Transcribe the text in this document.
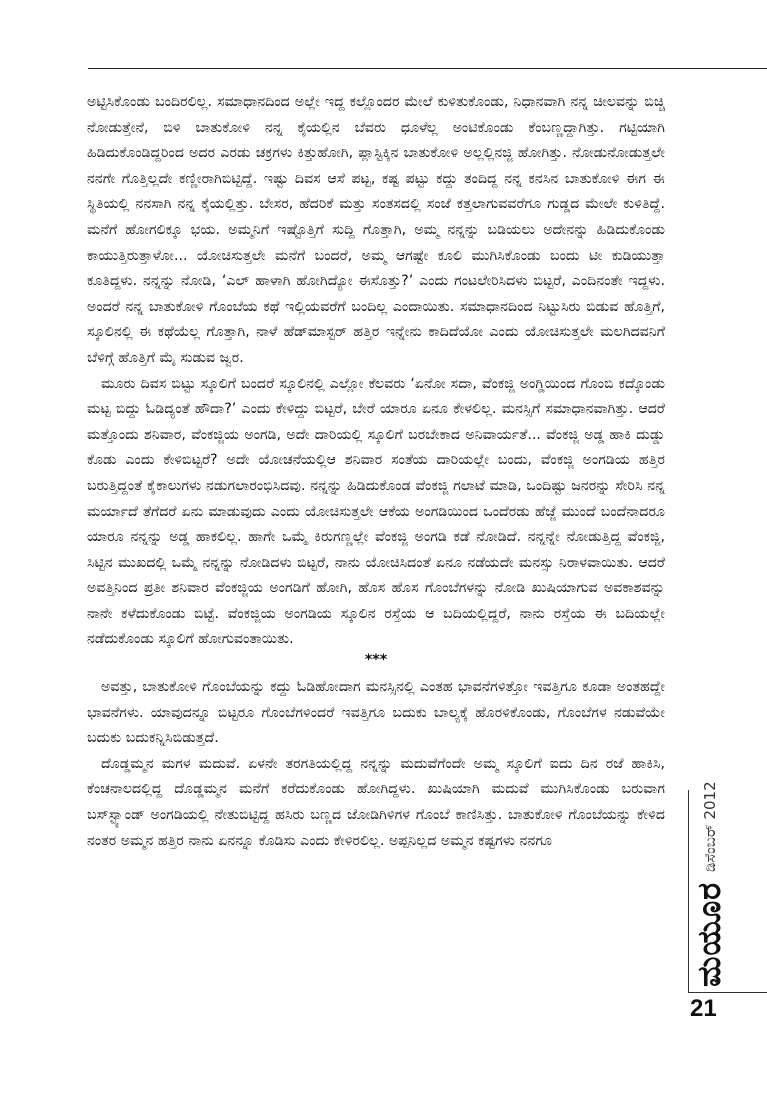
ಅಟ್ಟಿಸಿಕೊಂಡು ಬಂದಿರಲಿಲ್ಲ. ಸಮಾಧಾನದಿಂದ ಅಲ್ಲೇ ಇದ್ದ ಕಲ್ಲೊಂದರ ಮೇಲೆ ಕುಳಿತುಕೊಂಡು, ನಿಧಾನವಾಗಿ ನನ್ನ ಚೀಲವನ್ನು ಬಿಚ್ಚಿ ನೋಡುತ್ತೇನೆ, ಬಿಳಿ ಬಾತುಕೋಳಿ ನನ್ನ ಕೈಯಲ್ಲಿನ ಬೆವರು ಧೂಳೆಲ್ಲ ಅಂಟಿಕೊಂಡು ಕೆಂಬಣ್ಣದ್ದಾಗಿತ್ತು. ಗಟ್ಟಿಯಾಗಿ ಹಿಡಿದುಕೊಂಡಿದ್ದರಿಂದ ಅದರ ಎರಡು ಚಕ್ರಗಳು ಕಿತ್ತುಹೋಗಿ, ಪ್ಲಾಸ್ಟಿಕ್ಕಿನ ಬಾತುಕೋಳಿ ಅಲ್ಲಲ್ಲಿನಜ್ಜಿ ಹೋಗಿತ್ತು. ನೋಡುನೋಡುತ್ತಲೇ ನನಗೇ ಗೊತ್ತಿಲ್ಲದೇ ಕಣ್ಣೀರಾಗಿಬಿಟ್ಟಿದ್ದೆ. ಇಷ್ಟು ದಿವಸ ಆಸೆ ಪಟ್ಟ, ಕಷ್ಟ ಪಟ್ಟು ಕದ್ದು ತಂದಿದ್ದ ನನ್ನ ಕನಸಿನ ಬಾತುಕೋಳಿ ಈಗ ಈ ಸ್ಥಿತಿಯಲ್ಲಿ ನನಸಾಗಿ ನನ್ನ ಕೈಯಲ್ಲಿತ್ತು. ಬೇಸರ, ಹೆದರಿಕೆ ಮತ್ತು ಸಂತಸದಲ್ಲಿ ಸಂಜೆ ಕತ್ತಲಾಗುವವರೆಗೂ ಗುಡ್ಡದ ಮೇಲೇ ಕುಳಿತಿದ್ದೆ. ಮನೆಗೆ ಹೋಗಲಿಕ್ಕೂ ಭಯ. ಅಮ್ಮನಿಗೆ ಇಷ್ಟೊತ್ತಿಗೆ ಸುದ್ದಿ ಗೊತ್ತಾಗಿ, ಅಮ್ಮ ನನ್ನನ್ನು ಬಡಿಯಲು ಅದೇನನ್ನು ಹಿಡಿದುಕೊಂಡು ಕಾಯುತ್ತಿರುತ್ತಾಳೋ... ಯೋಚಿಸುತ್ತಲೇ ಮನೆಗೆ ಬಂದರೆ, ಅಮ್ಮ ಆಗಷ್ಟೇ ಕೂಲಿ ಮುಗಿಸಿಕೊಂಡು ಬಂದು ಟೀ ಕುಡಿಯುತ್ತಾ ಕೂತಿದ್ದಳು. ನನ್ನನ್ನು ನೋಡಿ, ‘ಎಲ್ ಹಾಳಾಗಿ ಹೋಗಿದ್ಯೋ ಈಸೊತ್ತು?’ ಎಂದು ಗಂಟಲೇರಿಸಿದಳು ಬಿಟ್ಟರೆ, ಎಂದಿನಂತೇ ಇದ್ದಳು. ಅಂದರೆ ನನ್ನ ಬಾತುಕೋಳಿ ಗೊಂಬೆಯ ಕಥೆ ಇಲ್ಲಿಯವರೆಗೆ ಬಂದಿಲ್ಲ ಎಂದಾಯಿತು. ಸಮಾಧಾನದಿಂದ ನಿಟ್ಟುಸಿರು ಬಿಡುವ ಹೊತ್ತಿಗೆ, ಸ್ಕೂಲಿನಲ್ಲಿ ಈ ಕಥೆಯೆಲ್ಲ ಗೊತ್ತಾಗಿ, ನಾಳೆ ಹೆಡ್‌ಮಾಸ್ಟರ್ ಹತ್ತಿರ ಇನ್ನೇನು ಕಾದಿದೆಯೋ ಎಂದು ಯೋಚಿಸುತ್ತಲೇ ಮಲಗಿದವನಿಗೆ ಬೆಳಿಗ್ಗೆ ಹೊತ್ತಿಗೆ ಮೈ ಸುಡುವ ಜ್ವರ.

ಮೂರು ದಿವಸ ಬಿಟ್ಟು ಸ್ಕೂಲಿಗೆ ಬಂದರೆ ಸ್ಕೂಲಿನಲ್ಲಿ ಎಲ್ಲೋ ಕೆಲವರು ‘ಏನೋ ಸದಾ, ವೆಂಕಜ್ಜಿ ಅಂಗ್ಡಿಯಿಂದ ಗೊಂಬಿ ಕದ್ಕೊಂಡು ಮಟ್ಟ ಬಿದ್ದು ಓಡಿದ್ಯಂತೆ ಹೌದಾ?’ ಎಂದು ಕೇಳಿದ್ದು ಬಿಟ್ಟರೆ, ಬೇರೆ ಯಾರೂ ಏನೂ ಕೇಳಲಿಲ್ಲ. ಮನಸ್ಸಿಗೆ ಸಮಾಧಾನವಾಗಿತ್ತು. ಆದರೆ ಮತ್ತೊಂದು ಶನಿವಾರ, ವೆಂಕಜ್ಜಿಯ ಅಂಗಡಿ, ಅದೇ ದಾರಿಯಲ್ಲಿ ಸ್ಕೂಲಿಗೆ ಬರಬೇಕಾದ ಅನಿವಾರ್ಯತೆ... ವೆಂಕಜ್ಜಿ ಅಡ್ಡ ಹಾಕಿ ದುಡ್ಡು ಕೊಡು ಎಂದು ಕೇಳಿಬಿಟ್ಟರೆ? ಅದೇ ಯೋಚನೆಯಲ್ಲಿಆ ಶನಿವಾರ ಸಂತೆಯ ದಾರಿಯಲ್ಲೇ ಬಂದು, ವೆಂಕಜ್ಜಿ ಅಂಗಡಿಯ ಹತ್ತಿರ ಬರುತ್ತಿದ್ದಂತೆ ಕೈಕಾಲುಗಳು ನಡುಗಲಾರಂಭಿಸಿದವು. ನನ್ನನ್ನು ಹಿಡಿದುಕೊಂಡ ವೆಂಕಜ್ಜಿ ಗಲಾಟೆ ಮಾಡಿ, ಒಂದಿಷ್ಟು ಜನರನ್ನು ಸೇರಿಸಿ ನನ್ನ ಮರ್ಯಾದೆ ತೆಗೆದರೆ ಏನು ಮಾಡುವುದು ಎಂದು ಯೋಚಿಸುತ್ತಲೇ ಆಕೆಯ ಅಂಗಡಿಯಿಂದ ಒಂದೆರಡು ಹೆಜ್ಜೆ ಮುಂದೆ ಬಂದೆನಾದರೂ ಯಾರೂ ನನ್ನನ್ನು ಅಡ್ಡ ಹಾಕಲಿಲ್ಲ. ಹಾಗೇ ಒಮ್ಮೆ ಕಿರುಗಣ್ಣಲ್ಲೇ ವೆಂಕಜ್ಜಿ ಅಂಗಡಿ ಕಡೆ ನೋಡಿದೆ. ನನ್ನನ್ನೇ ನೋಡುತ್ತಿದ್ದ ವೆಂಕಜ್ಜಿ, ಸಿಟ್ಟಿನ ಮುಖದಲ್ಲಿ ಒಮ್ಮೆ ನನ್ನನ್ನು ನೋಡಿದಳು ಬಿಟ್ಟರೆ, ನಾನು ಯೋಚಿಸಿದಂತೆ ಏನೂ ನಡೆಯದೇ ಮನಸ್ಸು ನಿರಾಳವಾಯಿತು. ಆದರೆ ಅವತ್ತಿನಿಂದ ಪ್ರತೀ ಶನಿವಾರ ವೆಂಕಜ್ಜಿಯ ಅಂಗಡಿಗೆ ಹೋಗಿ, ಹೊಸ ಹೊಸ ಗೊಂಬೆಗಳನ್ನು ನೋಡಿ ಖುಷಿಯಾಗುವ ಅವಕಾಶವನ್ನು ನಾನೇ ಕಳೆದುಕೊಂಡು ಬಿಟ್ಟೆ. ವೆಂಕಜ್ಜಿಯ ಅಂಗಡಿಯ ಸ್ಕೂಲಿನ ರಸ್ತೆಯ ಆ ಬದಿಯಲ್ಲಿದ್ದರೆ, ನಾನು ರಸ್ತೆಯ ಈ ಬದಿಯಲ್ಲೇ ನಡೆದುಕೊಂಡು ಸ್ಕೂಲಿಗೆ ಹೋಗುವಂತಾಯಿತು.

***

ಅವತ್ತು, ಬಾತುಕೋಳಿ ಗೊಂಬೆಯನ್ನು ಕದ್ದು ಓಡಿಹೋದಾಗ ಮನಸ್ಸಿನಲ್ಲಿ ಎಂತಹ ಭಾವನೆಗಳಿತ್ತೋ ಇವತ್ತಿಗೂ ಕೂಡಾ ಅಂತಹದ್ದೇ ಭಾವನೆಗಳು. ಯಾವುದನ್ನೂ ಬಿಟ್ಟರೂ ಗೊಂಬೆಗಳಿಂದರೆ ಇವತ್ತಿಗೂ ಬದುಕು ಬಾಲ್ಯಕ್ಕೆ ಹೊರಳಿಕೊಂಡು, ಗೊಂಬೆಗಳ ನಡುವೆಯೇ ಬದುಕು ಬದುಕನ್ನಿಸಿಬಿಡುತ್ತದೆ.

ದೊಡ್ಡಮ್ಮನ ಮಗಳ ಮದುವೆ. ಏಳನೇ ತರಗತಿಯಲ್ಲಿದ್ದ ನನ್ನನ್ನು ಮದುವೆಗೆಂದೇ ಅಮ್ಮ ಸ್ಕೂಲಿಗೆ ಐದು ದಿನ ರಜೆ ಹಾಕಿಸಿ, ಕೆಂಚನಾಲದಲ್ಲಿದ್ದ ದೊಡ್ಡಮ್ಮನ ಮನೆಗೆ ಕರೆದುಕೊಂಡು ಹೋಗಿದ್ದಳು. ಖುಷಿಯಾಗಿ ಮದುವೆ ಮುಗಿಸಿಕೊಂಡು ಬರುವಾಗ ಬಸ್‌ಸ್ಟ್ಯಾಂಡ್ ಅಂಗಡಿಯಲ್ಲಿ ನೇತುಬಿಟ್ಟಿದ್ದ ಹಸಿರು ಬಣ್ಣದ ಜೋಡಿಗಿಳಿಗಳ ಗೊಂಬೆ ಕಾಣಿಸಿತ್ತು. ಬಾತುಕೋಳಿ ಗೊಂಬೆಯನ್ನು ಕೇಳಿದ ನಂತರ ಅಮ್ಮನ ಹತ್ತಿರ ನಾನು ಏನನ್ನೂ ಕೊಡಿಸು ಎಂದು ಕೇಳಿರಲಿಲ್ಲ. ಅಪ್ಪನಿಲ್ಲದ ಅಮ್ಮನ ಕಷ್ಟಗಳು ನನಗೂ

ಮಯೂರ
ಡಿಸೆಂಬರ್ 2012
21
